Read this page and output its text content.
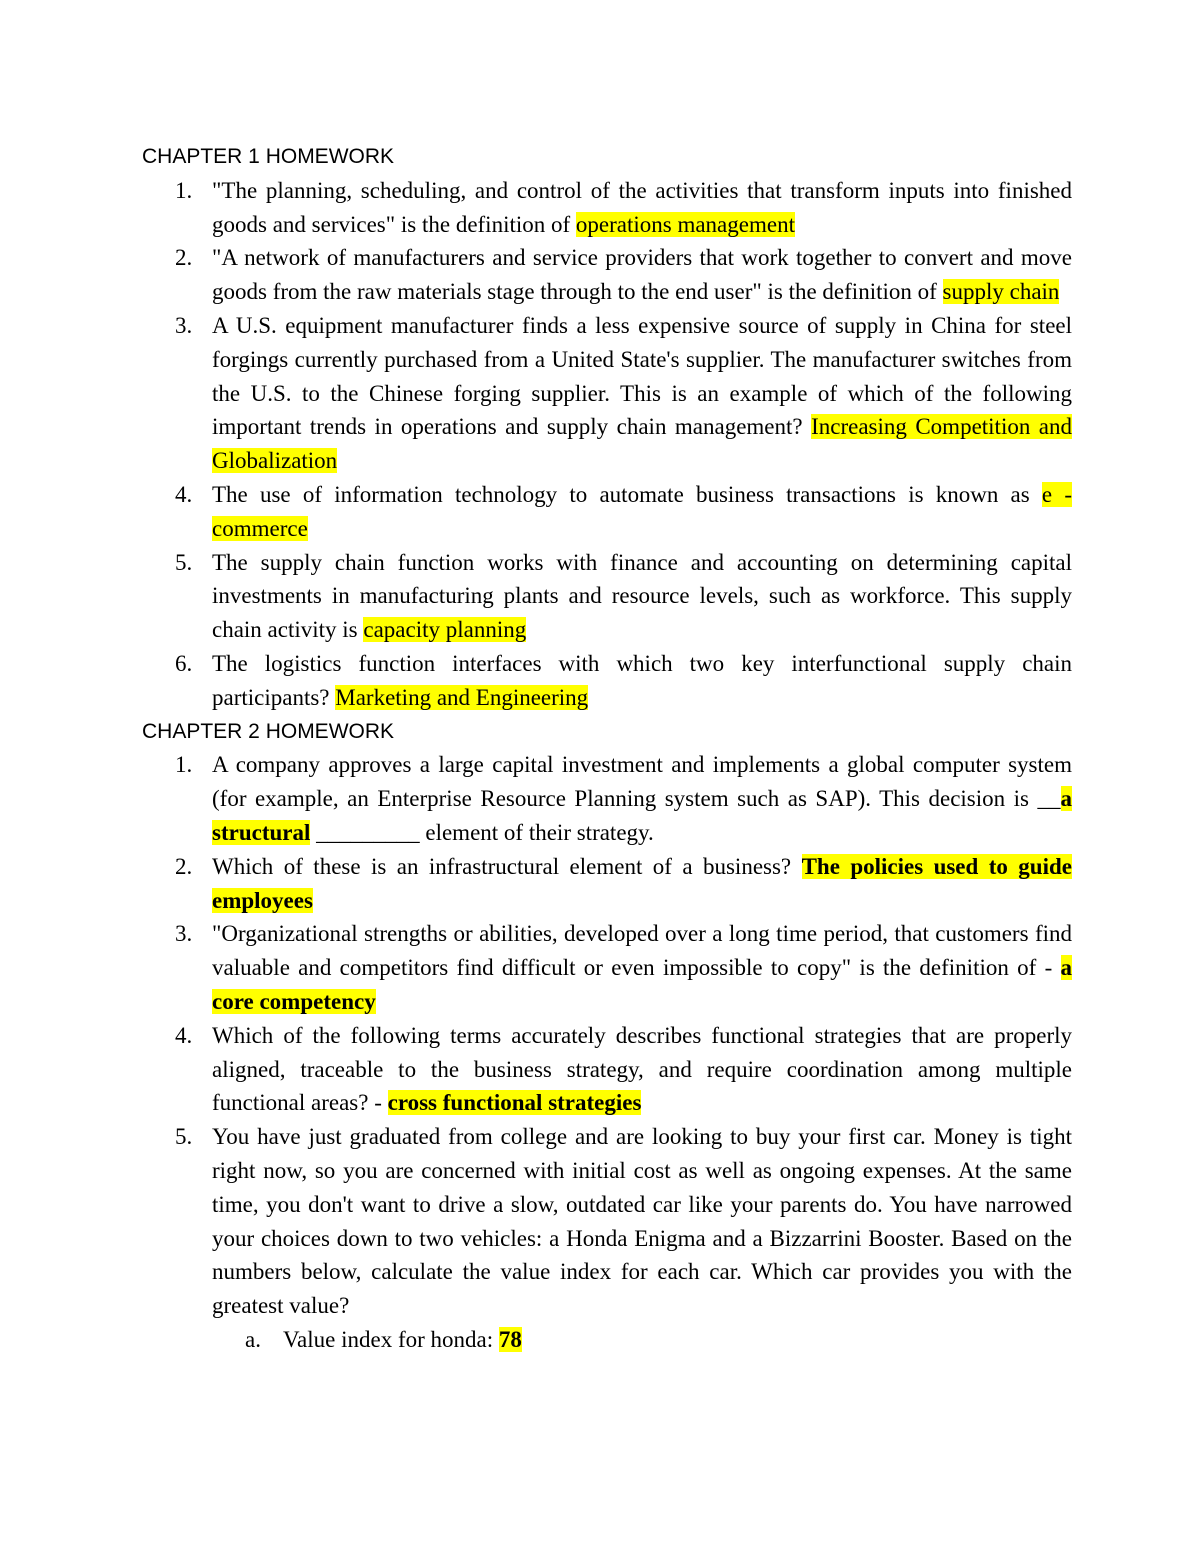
CHAPTER 1 HOMEWORK
1. "The planning, scheduling, and control of the activities that transform inputs into finished goods and services" is the definition of operations management
2. "A network of manufacturers and service providers that work together to convert and move goods from the raw materials stage through to the end user" is the definition of supply chain
3. A U.S. equipment manufacturer finds a less expensive source of supply in China for steel forgings currently purchased from a United State's supplier. The manufacturer switches from the U.S. to the Chinese forging supplier. This is an example of which of the following important trends in operations and supply chain management? Increasing Competition and Globalization
4. The use of information technology to automate business transactions is known as e -commerce
5. The supply chain function works with finance and accounting on determining capital investments in manufacturing plants and resource levels, such as workforce. This supply chain activity is capacity planning
6. The logistics function interfaces with which two key interfunctional supply chain participants? Marketing and Engineering
CHAPTER 2 HOMEWORK
1. A company approves a large capital investment and implements a global computer system (for example, an Enterprise Resource Planning system such as SAP). This decision is __a structural _________ element of their strategy.
2. Which of these is an infrastructural element of a business? The policies used to guide employees
3. "Organizational strengths or abilities, developed over a long time period, that customers find valuable and competitors find difficult or even impossible to copy" is the definition of - a core competency
4. Which of the following terms accurately describes functional strategies that are properly aligned, traceable to the business strategy, and require coordination among multiple functional areas? - cross functional strategies
5. You have just graduated from college and are looking to buy your first car. Money is tight right now, so you are concerned with initial cost as well as ongoing expenses. At the same time, you don't want to drive a slow, outdated car like your parents do. You have narrowed your choices down to two vehicles: a Honda Enigma and a Bizzarrini Booster. Based on the numbers below, calculate the value index for each car. Which car provides you with the greatest value?
a. Value index for honda: 78
